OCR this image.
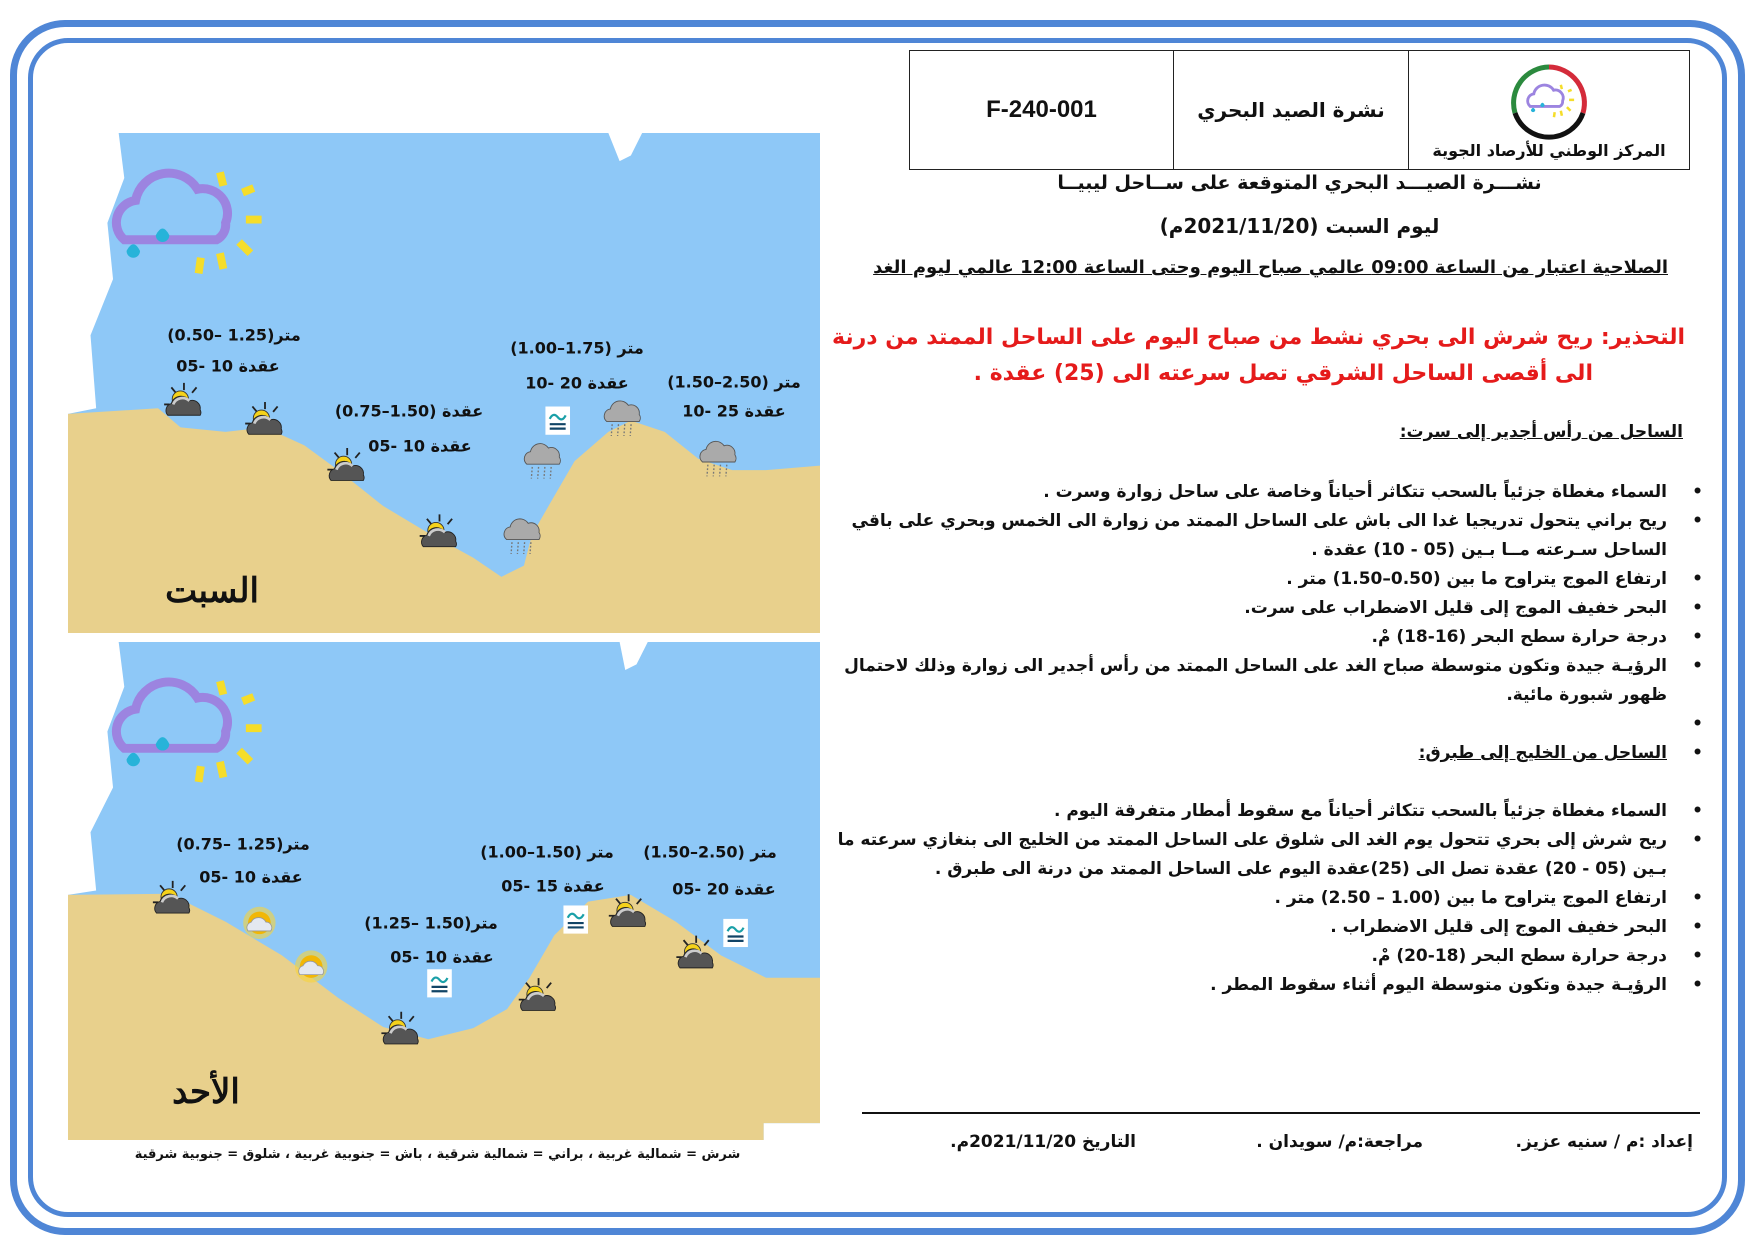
F-240-001	نشرة الصيد البحري
المركز الوطني للأرصاد الجوية
نشـــرة الصيـــد البحري المتوقعة على ســاحل ليبيــا
ليوم السبت (2021/11/20م)
الصلاحية اعتبار من الساعة 09:00 عالمي صباح اليوم وحتى الساعة 12:00 عالمي ليوم الغد
التحذير: ريح شرش الى بحري نشط من صباح اليوم على الساحل الممتد من درنة
الى أقصى الساحل الشرقي تصل سرعته الى (25) عقدة .
الساحل من رأس أجدير إلى سرت:
• السماء مغطاة جزئياً بالسحب تتكاثر أحياناً وخاصة على ساحل زوارة وسرت .
• ريح براني يتحول تدريجيا غدا الى باش على الساحل الممتد من زوارة الى الخمس وبحري على باقي الساحل سـرعته مــا بـين (05 - 10) عقدة .
• ارتفاع الموج يتراوح ما بين (0.50–1.50) متر .
• البحر خفيف الموج إلى قليل الاضطراب على سرت.
• درجة حرارة سطح البحر (16-18) مْ.
• الرؤيـة جيدة وتكون متوسطة صباح الغد على الساحل الممتد من رأس أجدير الى زوارة وذلك لاحتمال ظهور شبورة مائية.
•
• الساحل من الخليج إلى طبرق:
• السماء مغطاة جزئياً بالسحب تتكاثر أحياناً مع سقوط أمطار متفرقة اليوم .
• ريح شرش إلى بحري تتحول يوم الغد الى شلوق على الساحل الممتد من الخليج الى بنغازي سرعته ما بـين (05 - 20) عقدة تصل الى (25)عقدة اليوم على الساحل الممتد من درنة الى طبرق .
• ارتفاع الموج يتراوح ما بين (1.00 – 2.50) متر .
• البحر خفيف الموج إلى قليل الاضطراب .
• درجة حرارة سطح البحر (18-20) مْ.
• الرؤيـة جيدة وتكون متوسطة اليوم أثناء سقوط المطر .
إعداد :م / سنيه عزيز.
مراجعة:م/ سويدان .
التاريخ 2021/11/20م.
(0.50– 1.25)متر
05- 10 عقدة
(0.75–1.50) عقدة
05- 10 عقدة
(1.00–1.75) متر
10- 20 عقدة (1.50–2.50) متر
10- 25 عقدة
السبت
(0.75– 1.25)متر
05- 10 عقدة
(1.25– 1.50)متر
05- 10 عقدة
(1.00–1.50) متر
05- 15 عقدة
(1.50–2.50) متر
05- 20 عقدة
الأحد
شرش = شمالية غربية ، براني = شمالية شرقية ، باش = جنوبية غربية ، شلوق = جنوبية شرقية
